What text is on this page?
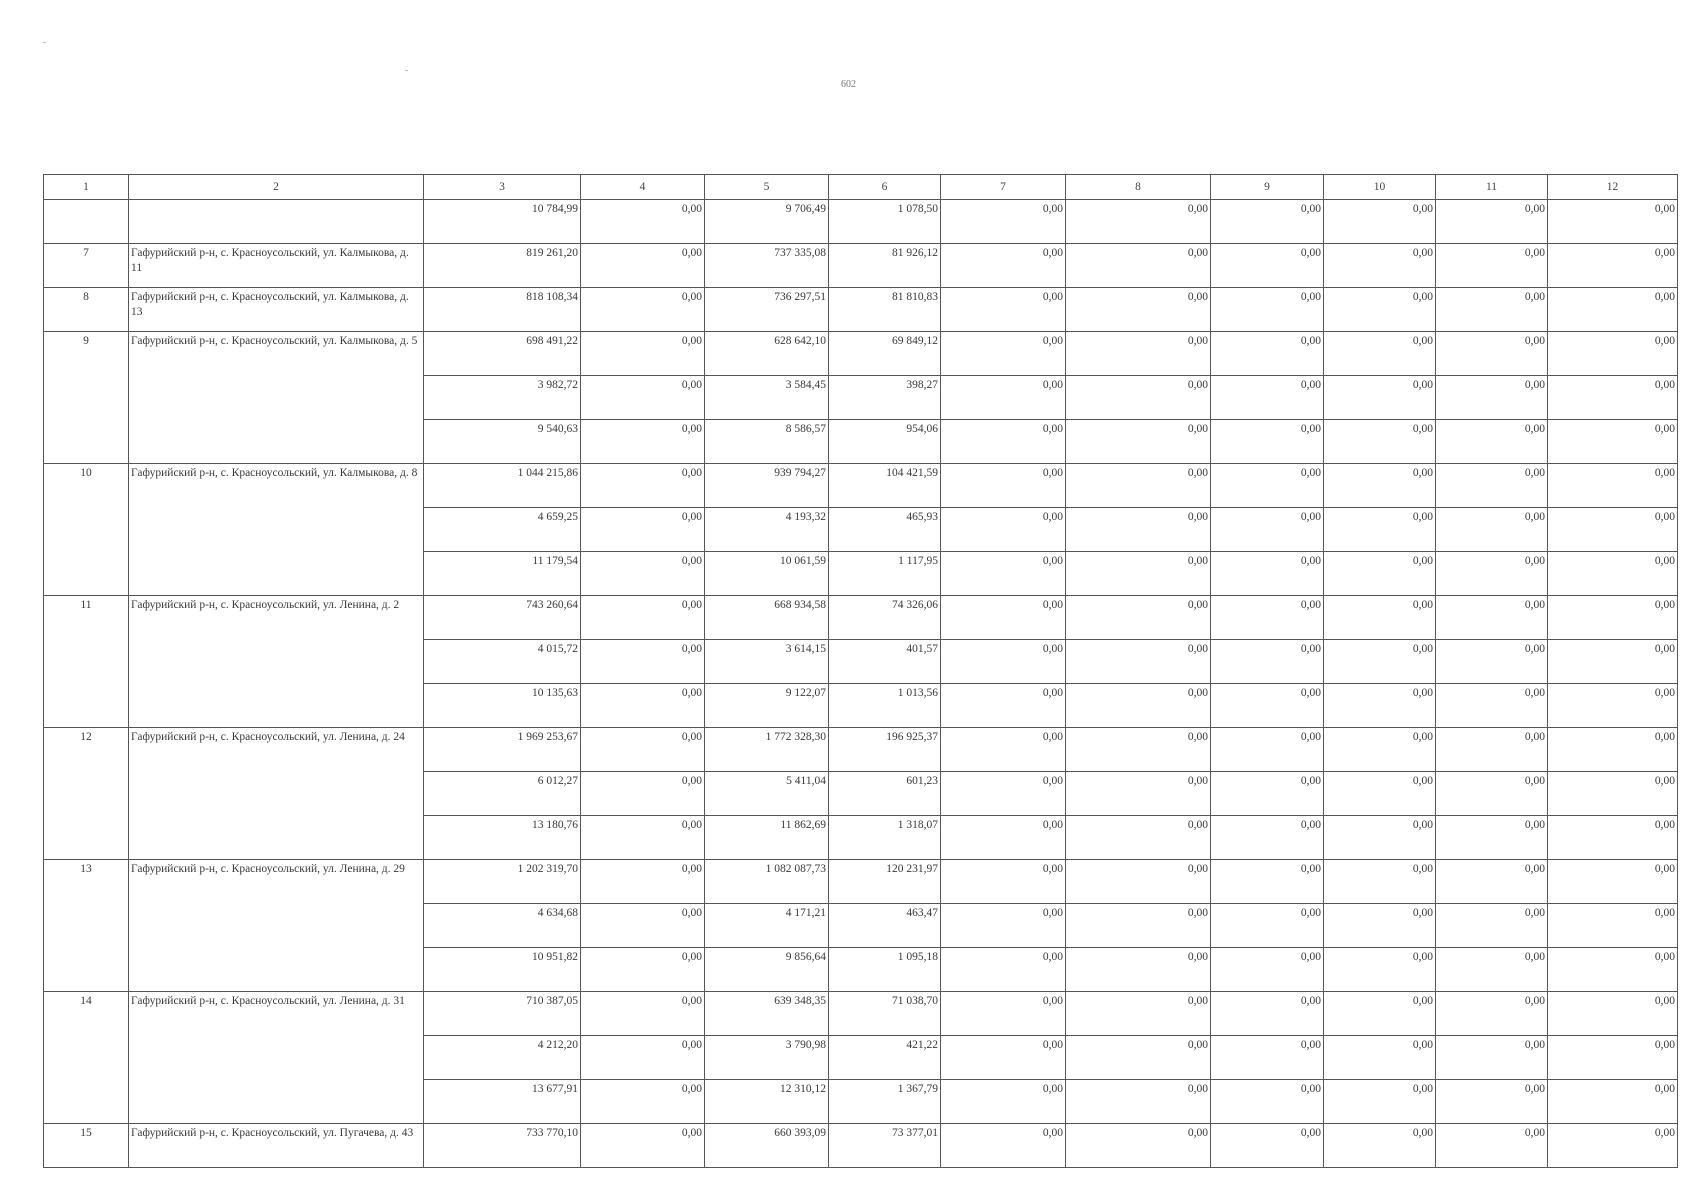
602
1	2	3	4	5	6	7	8	9	10	11	12
		10 784,99	0,00	9 706,49	1 078,50	0,00	0,00	0,00	0,00	0,00	0,00
7	Гафурийский р-н, с. Красноусольский, ул. Калмыкова, д. 11	819 261,20	0,00	737 335,08	81 926,12	0,00	0,00	0,00	0,00	0,00	0,00
8	Гафурийский р-н, с. Красноусольский, ул. Калмыкова, д. 13	818 108,34	0,00	736 297,51	81 810,83	0,00	0,00	0,00	0,00	0,00	0,00
9	Гафурийский р-н, с. Красноусольский, ул. Калмыкова, д. 5	698 491,22	0,00	628 642,10	69 849,12	0,00	0,00	0,00	0,00	0,00	0,00
		3 982,72	0,00	3 584,45	398,27	0,00	0,00	0,00	0,00	0,00	0,00
		9 540,63	0,00	8 586,57	954,06	0,00	0,00	0,00	0,00	0,00	0,00
10	Гафурийский р-н, с. Красноусольский, ул. Калмыкова, д. 8	1 044 215,86	0,00	939 794,27	104 421,59	0,00	0,00	0,00	0,00	0,00	0,00
		4 659,25	0,00	4 193,32	465,93	0,00	0,00	0,00	0,00	0,00	0,00
		11 179,54	0,00	10 061,59	1 117,95	0,00	0,00	0,00	0,00	0,00	0,00
11	Гафурийский р-н, с. Красноусольский, ул. Ленина, д. 2	743 260,64	0,00	668 934,58	74 326,06	0,00	0,00	0,00	0,00	0,00	0,00
		4 015,72	0,00	3 614,15	401,57	0,00	0,00	0,00	0,00	0,00	0,00
		10 135,63	0,00	9 122,07	1 013,56	0,00	0,00	0,00	0,00	0,00	0,00
12	Гафурийский р-н, с. Красноусольский, ул. Ленина, д. 24	1 969 253,67	0,00	1 772 328,30	196 925,37	0,00	0,00	0,00	0,00	0,00	0,00
		6 012,27	0,00	5 411,04	601,23	0,00	0,00	0,00	0,00	0,00	0,00
		13 180,76	0,00	11 862,69	1 318,07	0,00	0,00	0,00	0,00	0,00	0,00
13	Гафурийский р-н, с. Красноусольский, ул. Ленина, д. 29	1 202 319,70	0,00	1 082 087,73	120 231,97	0,00	0,00	0,00	0,00	0,00	0,00
		4 634,68	0,00	4 171,21	463,47	0,00	0,00	0,00	0,00	0,00	0,00
		10 951,82	0,00	9 856,64	1 095,18	0,00	0,00	0,00	0,00	0,00	0,00
14	Гафурийский р-н, с. Красноусольский, ул. Ленина, д. 31	710 387,05	0,00	639 348,35	71 038,70	0,00	0,00	0,00	0,00	0,00	0,00
		4 212,20	0,00	3 790,98	421,22	0,00	0,00	0,00	0,00	0,00	0,00
		13 677,91	0,00	12 310,12	1 367,79	0,00	0,00	0,00	0,00	0,00	0,00
15	Гафурийский р-н, с. Красноусольский, ул. Пугачева, д. 43	733 770,10	0,00	660 393,09	73 377,01	0,00	0,00	0,00	0,00	0,00	0,00
